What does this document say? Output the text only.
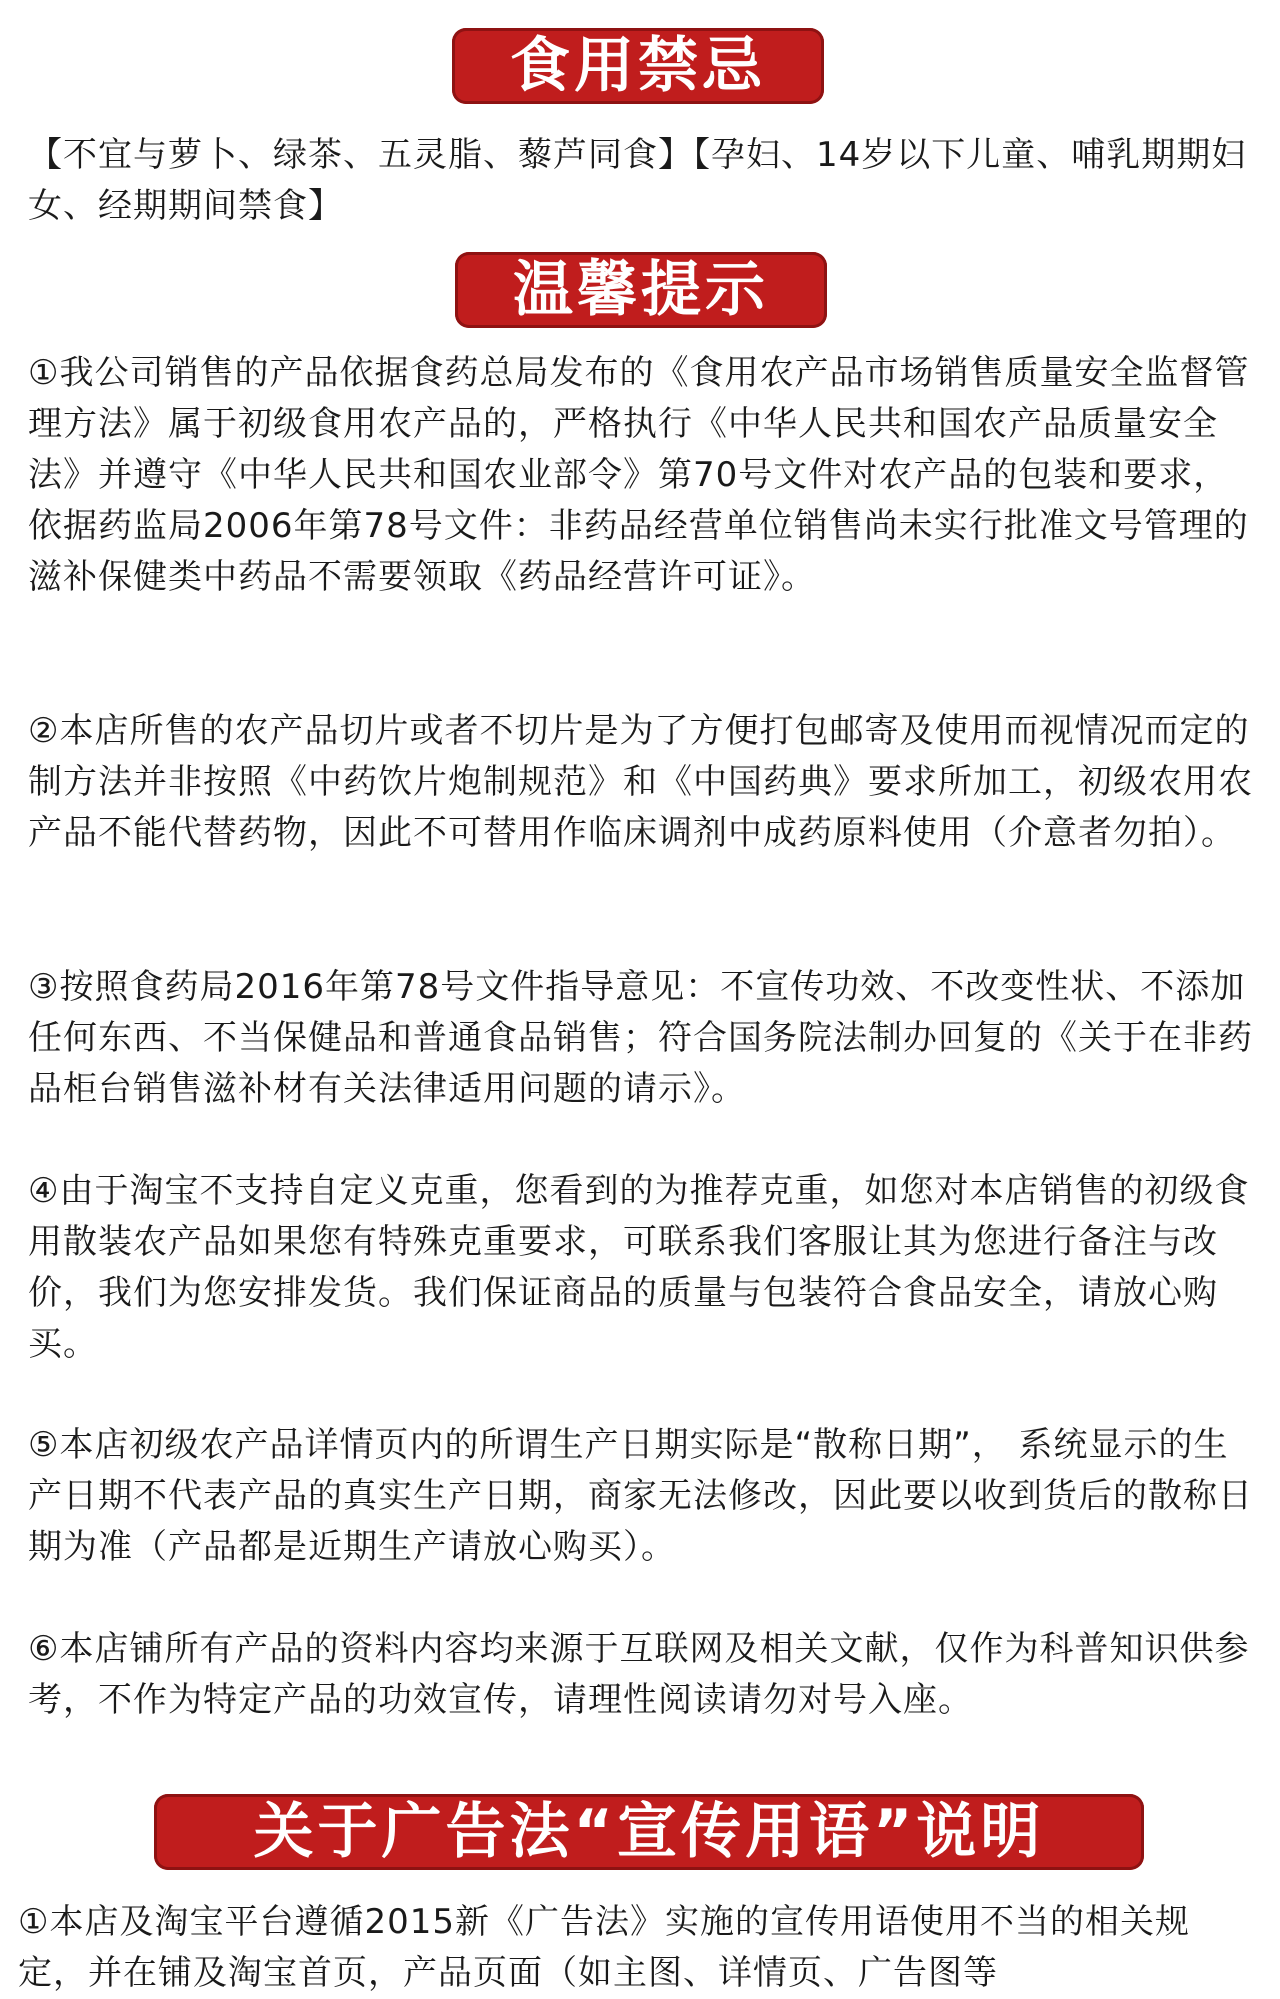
食用禁忌

【不宜与萝卜、绿茶、五灵脂、藜芦同食】【孕妇、14岁以下儿童、哺乳期期妇女、经期期间禁食】

温馨提示

①我公司销售的产品依据食药总局发布的《食用农产品市场销售质量安全监督管理方法》属于初级食用农产品的，严格执行《中华人民共和国农产品质量安全法》并遵守《中华人民共和国农业部令》第70号文件对农产品的包装和要求，依据药监局2006年第78号文件：非药品经营单位销售尚未实行批准文号管理的滋补保健类中药品不需要领取《药品经营许可证》。

②本店所售的农产品切片或者不切片是为了方便打包邮寄及使用而视情况而定的制方法并非按照《中药饮片炮制规范》和《中国药典》要求所加工，初级农用农产品不能代替药物，因此不可替用作临床调剂中成药原料使用（介意者勿拍）。

③按照食药局2016年第78号文件指导意见：不宣传功效、不改变性状、不添加任何东西、不当保健品和普通食品销售；符合国务院法制办回复的《关于在非药品柜台销售滋补材有关法律适用问题的请示》。

④由于淘宝不支持自定义克重，您看到的为推荐克重，如您对本店销售的初级食用散装农产品如果您有特殊克重要求，可联系我们客服让其为您进行备注与改价，我们为您安排发货。我们保证商品的质量与包装符合食品安全，请放心购买。

⑤本店初级农产品详情页内的所谓生产日期实际是“散称日期”， 系统显示的生产日期不代表产品的真实生产日期，商家无法修改，因此要以收到货后的散称日期为准（产品都是近期生产请放心购买）。

⑥本店铺所有产品的资料内容均来源于互联网及相关文献，仅作为科普知识供参考，不作为特定产品的功效宣传，请理性阅读请勿对号入座。

关于广告法“宣传用语”说明

①本店及淘宝平台遵循2015新《广告法》实施的宣传用语使用不当的相关规定，并在铺及淘宝首页，产品页面（如主图、详情页、广告图等
